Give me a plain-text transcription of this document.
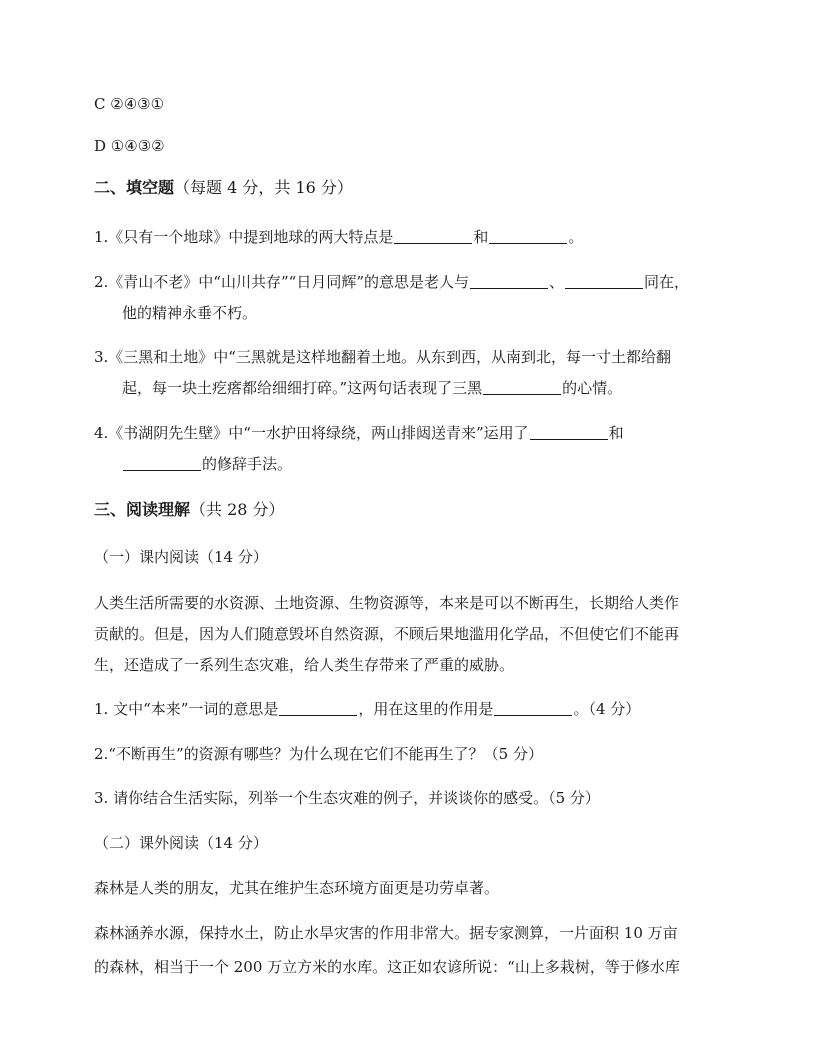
C ②④③①
D ①④③②
二、填空题（每题 4 分，共 16 分）
1.《只有一个地球》中提到地球的两大特点是	和	。
2.《青山不老》中“山川共存”“日月同辉”的意思是老人与	、	同在，
他的精神永垂不朽。
3.《三黑和土地》中“三黑就是这样地翻着土地。从东到西，从南到北，每一寸土都给翻
起，每一块土疙瘩都给细细打碎。”这两句话表现了三黑	的心情。
4.《书湖阴先生壁》中“一水护田将绿绕，两山排闼送青来”运用了	和
的修辞手法。
三、阅读理解（共 28 分）
（一）课内阅读（14 分）
人类生活所需要的水资源、土地资源、生物资源等，本来是可以不断再生，长期给人类作
贡献的。但是，因为人们随意毁坏自然资源，不顾后果地滥用化学品，不但使它们不能再
生，还造成了一系列生态灾难，给人类生存带来了严重的威胁。
1. 文中“本来”一词的意思是	，用在这里的作用是	。（4 分）
2.“不断再生”的资源有哪些？为什么现在它们不能再生了？（5 分）
3. 请你结合生活实际，列举一个生态灾难的例子，并谈谈你的感受。（5 分）
（二）课外阅读（14 分）
森林是人类的朋友，尤其在维护生态环境方面更是功劳卓著。
森林涵养水源，保持水土，防止水旱灾害的作用非常大。据专家测算，一片面积 10 万亩
的森林，相当于一个 200 万立方米的水库。这正如农谚所说：“山上多栽树，等于修水库
